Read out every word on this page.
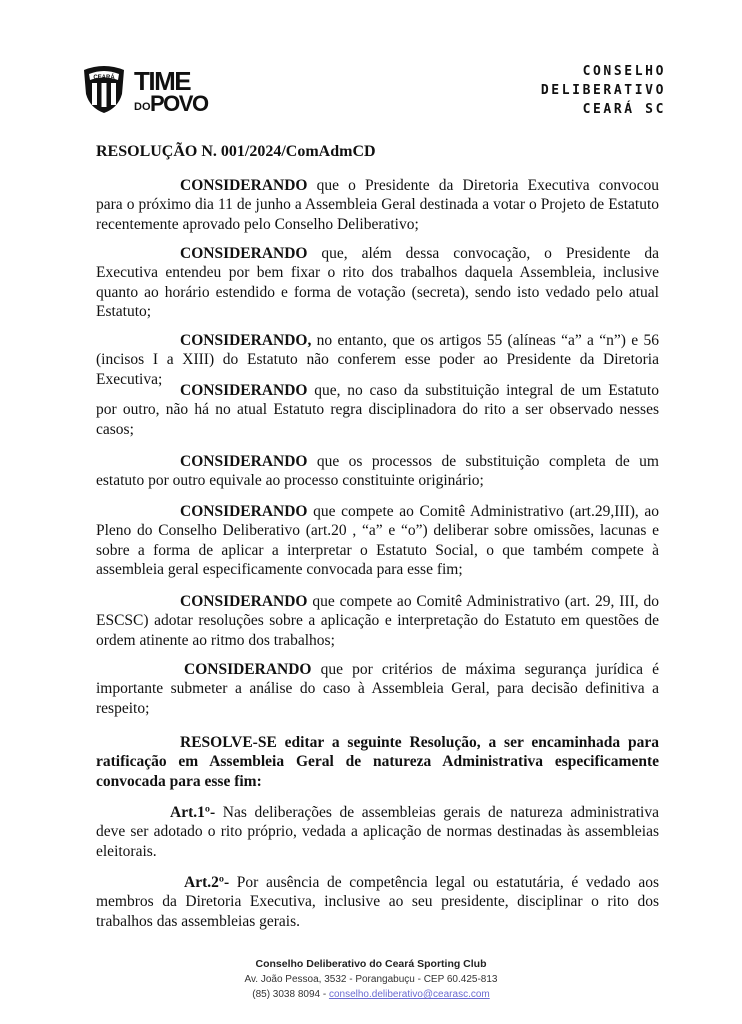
CEARÁ TIME
DO POVO
CONSELHO
DELIBERATIVO
CEARÁ SC
RESOLUÇÃO N. 001/2024/ComAdmCD
CONSIDERANDO que o Presidente da Diretoria Executiva convocou
para o próximo dia 11 de junho a Assembleia Geral destinada a votar o Projeto de Estatuto
recentemente aprovado pelo Conselho Deliberativo;
CONSIDERANDO que, além dessa convocação, o Presidente da
Executiva entendeu por bem fixar o rito dos trabalhos daquela Assembleia, inclusive
quanto ao horário estendido e forma de votação (secreta), sendo isto vedado pelo atual
Estatuto;
CONSIDERANDO, no entanto, que os artigos 55 (alíneas “a” a “n”) e 56
(incisos I a XIII) do Estatuto não conferem esse poder ao Presidente da Diretoria Executiva;
CONSIDERANDO que, no caso da substituição integral de um Estatuto
por outro, não há no atual Estatuto regra disciplinadora do rito a ser observado nesses
casos;
CONSIDERANDO que os processos de substituição completa de um
estatuto por outro equivale ao processo constituinte originário;
CONSIDERANDO que compete ao Comitê Administrativo (art.29,III), ao
Pleno do Conselho Deliberativo (art.20 , “a” e “o”) deliberar sobre omissões, lacunas e
sobre a forma de aplicar a interpretar o Estatuto Social, o que também compete à
assembleia geral especificamente convocada para esse fim;
CONSIDERANDO que compete ao Comitê Administrativo (art. 29, III, do
ESCSC) adotar resoluções sobre a aplicação e interpretação do Estatuto em questões de
ordem atinente ao ritmo dos trabalhos;
CONSIDERANDO que por critérios de máxima segurança jurídica é
importante submeter a análise do caso à Assembleia Geral, para decisão definitiva a
respeito;
RESOLVE-SE editar a seguinte Resolução, a ser encaminhada para
ratificação em Assembleia Geral de natureza Administrativa especificamente
convocada para esse fim:
Art.1º- Nas deliberações de assembleias gerais de natureza administrativa
deve ser adotado o rito próprio, vedada a aplicação de normas destinadas às assembleias
eleitorais.
Art.2º- Por ausência de competência legal ou estatutária, é vedado aos
membros da Diretoria Executiva, inclusive ao seu presidente, disciplinar o rito dos
trabalhos das assembleias gerais.
Conselho Deliberativo do Ceará Sporting Club
Av. João Pessoa, 3532 - Porangabuçu - CEP 60.425-813
(85) 3038 8094 - conselho.deliberativo@cearasc.com
